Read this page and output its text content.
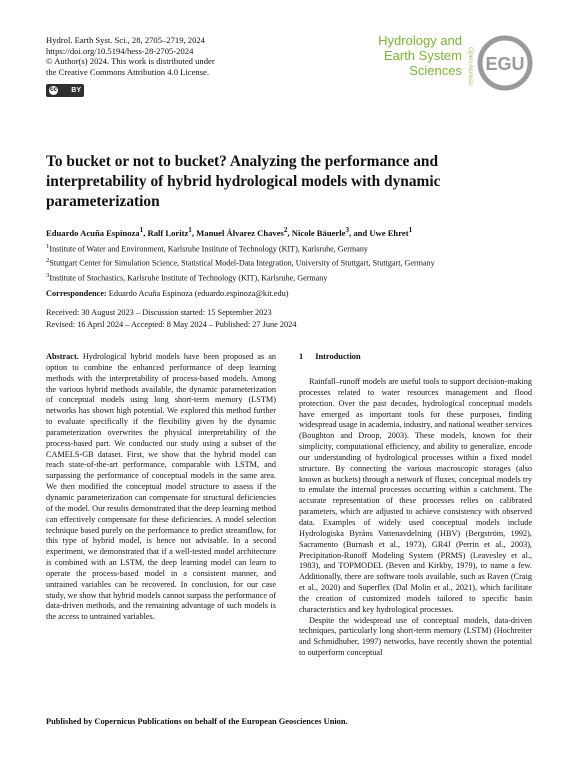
Hydrol. Earth Syst. Sci., 28, 2705–2719, 2024
https://doi.org/10.5194/hess-28-2705-2024
© Author(s) 2024. This work is distributed under
the Creative Commons Attribution 4.0 License.
cc BY
Hydrology and
Earth System
Sciences Open Access EGU
To bucket or not to bucket? Analyzing the performance and interpretability of hybrid hydrological models with dynamic parameterization
Eduardo Acuña Espinoza$^1$, Ralf Loritz$^1$, Manuel Álvarez Chaves$^2$, Nicole Bäuerle$^3$, and Uwe Ehret$^1$
$^1$Institute of Water and Environment, Karlsruhe Institute of Technology (KIT), Karlsruhe, Germany
$^2$Stuttgart Center for Simulation Science, Statistical Model-Data Integration, University of Stuttgart, Stuttgart, Germany
$^3$Institute of Stochastics, Karlsruhe Institute of Technology (KIT), Karlsruhe, Germany
Correspondence: Eduardo Acuña Espinoza (eduardo.espinoza@kit.edu)
Received: 30 August 2023 – Discussion started: 15 September 2023
Revised: 16 April 2024 – Accepted: 8 May 2024 – Published: 27 June 2024
Abstract. Hydrological hybrid models have been proposed as an option to combine the enhanced performance of deep learning methods with the interpretability of process-based models. Among the various hybrid methods available, the dynamic parameterization of conceptual models using long short-term memory (LSTM) networks has shown high potential. We explored this method further to evaluate specifically if the flexibility given by the dynamic parameterization overwrites the physical interpretability of the process-based part. We conducted our study using a subset of the CAMELS-GB dataset. First, we show that the hybrid model can reach state-of-the-art performance, comparable with LSTM, and surpassing the performance of conceptual models in the same area. We then modified the conceptual model structure to assess if the dynamic parameterization can compensate for structural deficiencies of the model. Our results demonstrated that the deep learning method can effectively compensate for these deficiencies. A model selection technique based purely on the performance to predict streamflow, for this type of hybrid model, is hence not advisable. In a second experiment, we demonstrated that if a well-tested model architecture is combined with an LSTM, the deep learning model can learn to operate the process-based model in a consistent manner, and untrained variables can be recovered. In conclusion, for our case study, we show that hybrid models cannot surpass the performance of data-driven methods, and the remaining advantage of such models is the access to untrained variables.
1 Introduction
Rainfall–runoff models are useful tools to support decision-making processes related to water resources management and flood protection. Over the past decades, hydrological conceptual models have emerged as important tools for these purposes, finding widespread usage in academia, industry, and national weather services (Boughton and Droop, 2003). These models, known for their simplicity, computational efficiency, and ability to generalize, encode our understanding of hydrological processes within a fixed model structure. By connecting the various macroscopic storages (also known as buckets) through a network of fluxes, conceptual models try to emulate the internal processes occurring within a catchment. The accurate representation of these processes relies on calibrated parameters, which are adjusted to achieve consistency with observed data. Examples of widely used conceptual models include Hydrologiska Byråns Vattenavdelning (HBV) (Bergström, 1992), Sacramento (Burnash et al., 1973), GR4J (Perrin et al., 2003), Precipitation-Runoff Modeling System (PRMS) (Leavesley et al., 1983), and TOPMODEL (Beven and Kirkby, 1979), to name a few. Additionally, there are software tools available, such as Raven (Craig et al., 2020) and Superflex (Dal Molin et al., 2021), which facilitate the creation of customized models tailored to specific basin characteristics and key hydrological processes.
Despite the widespread use of conceptual models, data-driven techniques, particularly long short-term memory (LSTM) (Hochreiter and Schmidhuber, 1997) networks, have recently shown the potential to outperform conceptual
Published by Copernicus Publications on behalf of the European Geosciences Union.
